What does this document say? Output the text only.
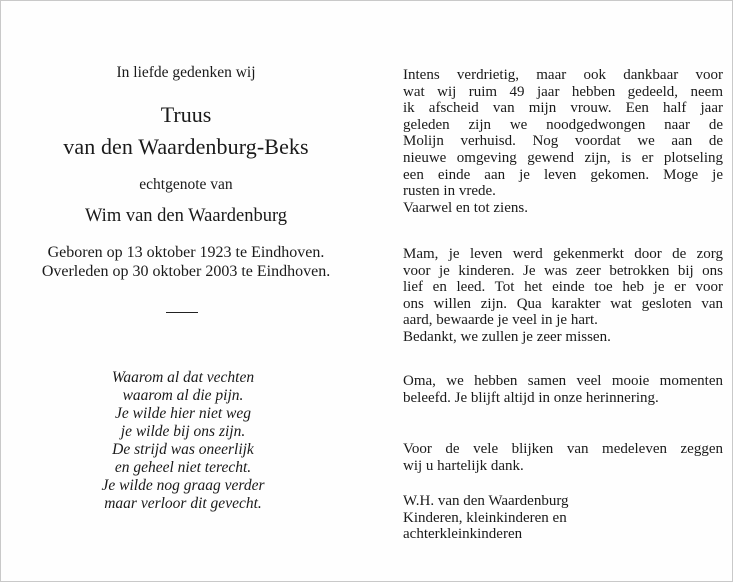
In liefde gedenken wij
Truus
van den Waardenburg-Beks
echtgenote van
Wim van den Waardenburg
Geboren op 13 oktober 1923 te Eindhoven.
Overleden op 30 oktober 2003 te Eindhoven.
Waarom al dat vechten
waarom al die pijn.
Je wilde hier niet weg
je wilde bij ons zijn.
De strijd was oneerlijk
en geheel niet terecht.
Je wilde nog graag verder
maar verloor dit gevecht.
Intens verdrietig, maar ook dankbaar voor
wat wij ruim 49 jaar hebben gedeeld, neem
ik afscheid van mijn vrouw. Een half jaar
geleden zijn we noodgedwongen naar de
Molijn verhuisd. Nog voordat we aan de
nieuwe omgeving gewend zijn, is er plotseling
een einde aan je leven gekomen. Moge je
rusten in vrede.
Vaarwel en tot ziens.
Mam, je leven werd gekenmerkt door de zorg
voor je kinderen. Je was zeer betrokken bij ons
lief en leed. Tot het einde toe heb je er voor
ons willen zijn. Qua karakter wat gesloten van
aard, bewaarde je veel in je hart.
Bedankt, we zullen je zeer missen.
Oma, we hebben samen veel mooie momenten
beleefd. Je blijft altijd in onze herinnering.
Voor de vele blijken van medeleven zeggen
wij u hartelijk dank.
W.H. van den Waardenburg
Kinderen, kleinkinderen en
achterkleinkinderen
